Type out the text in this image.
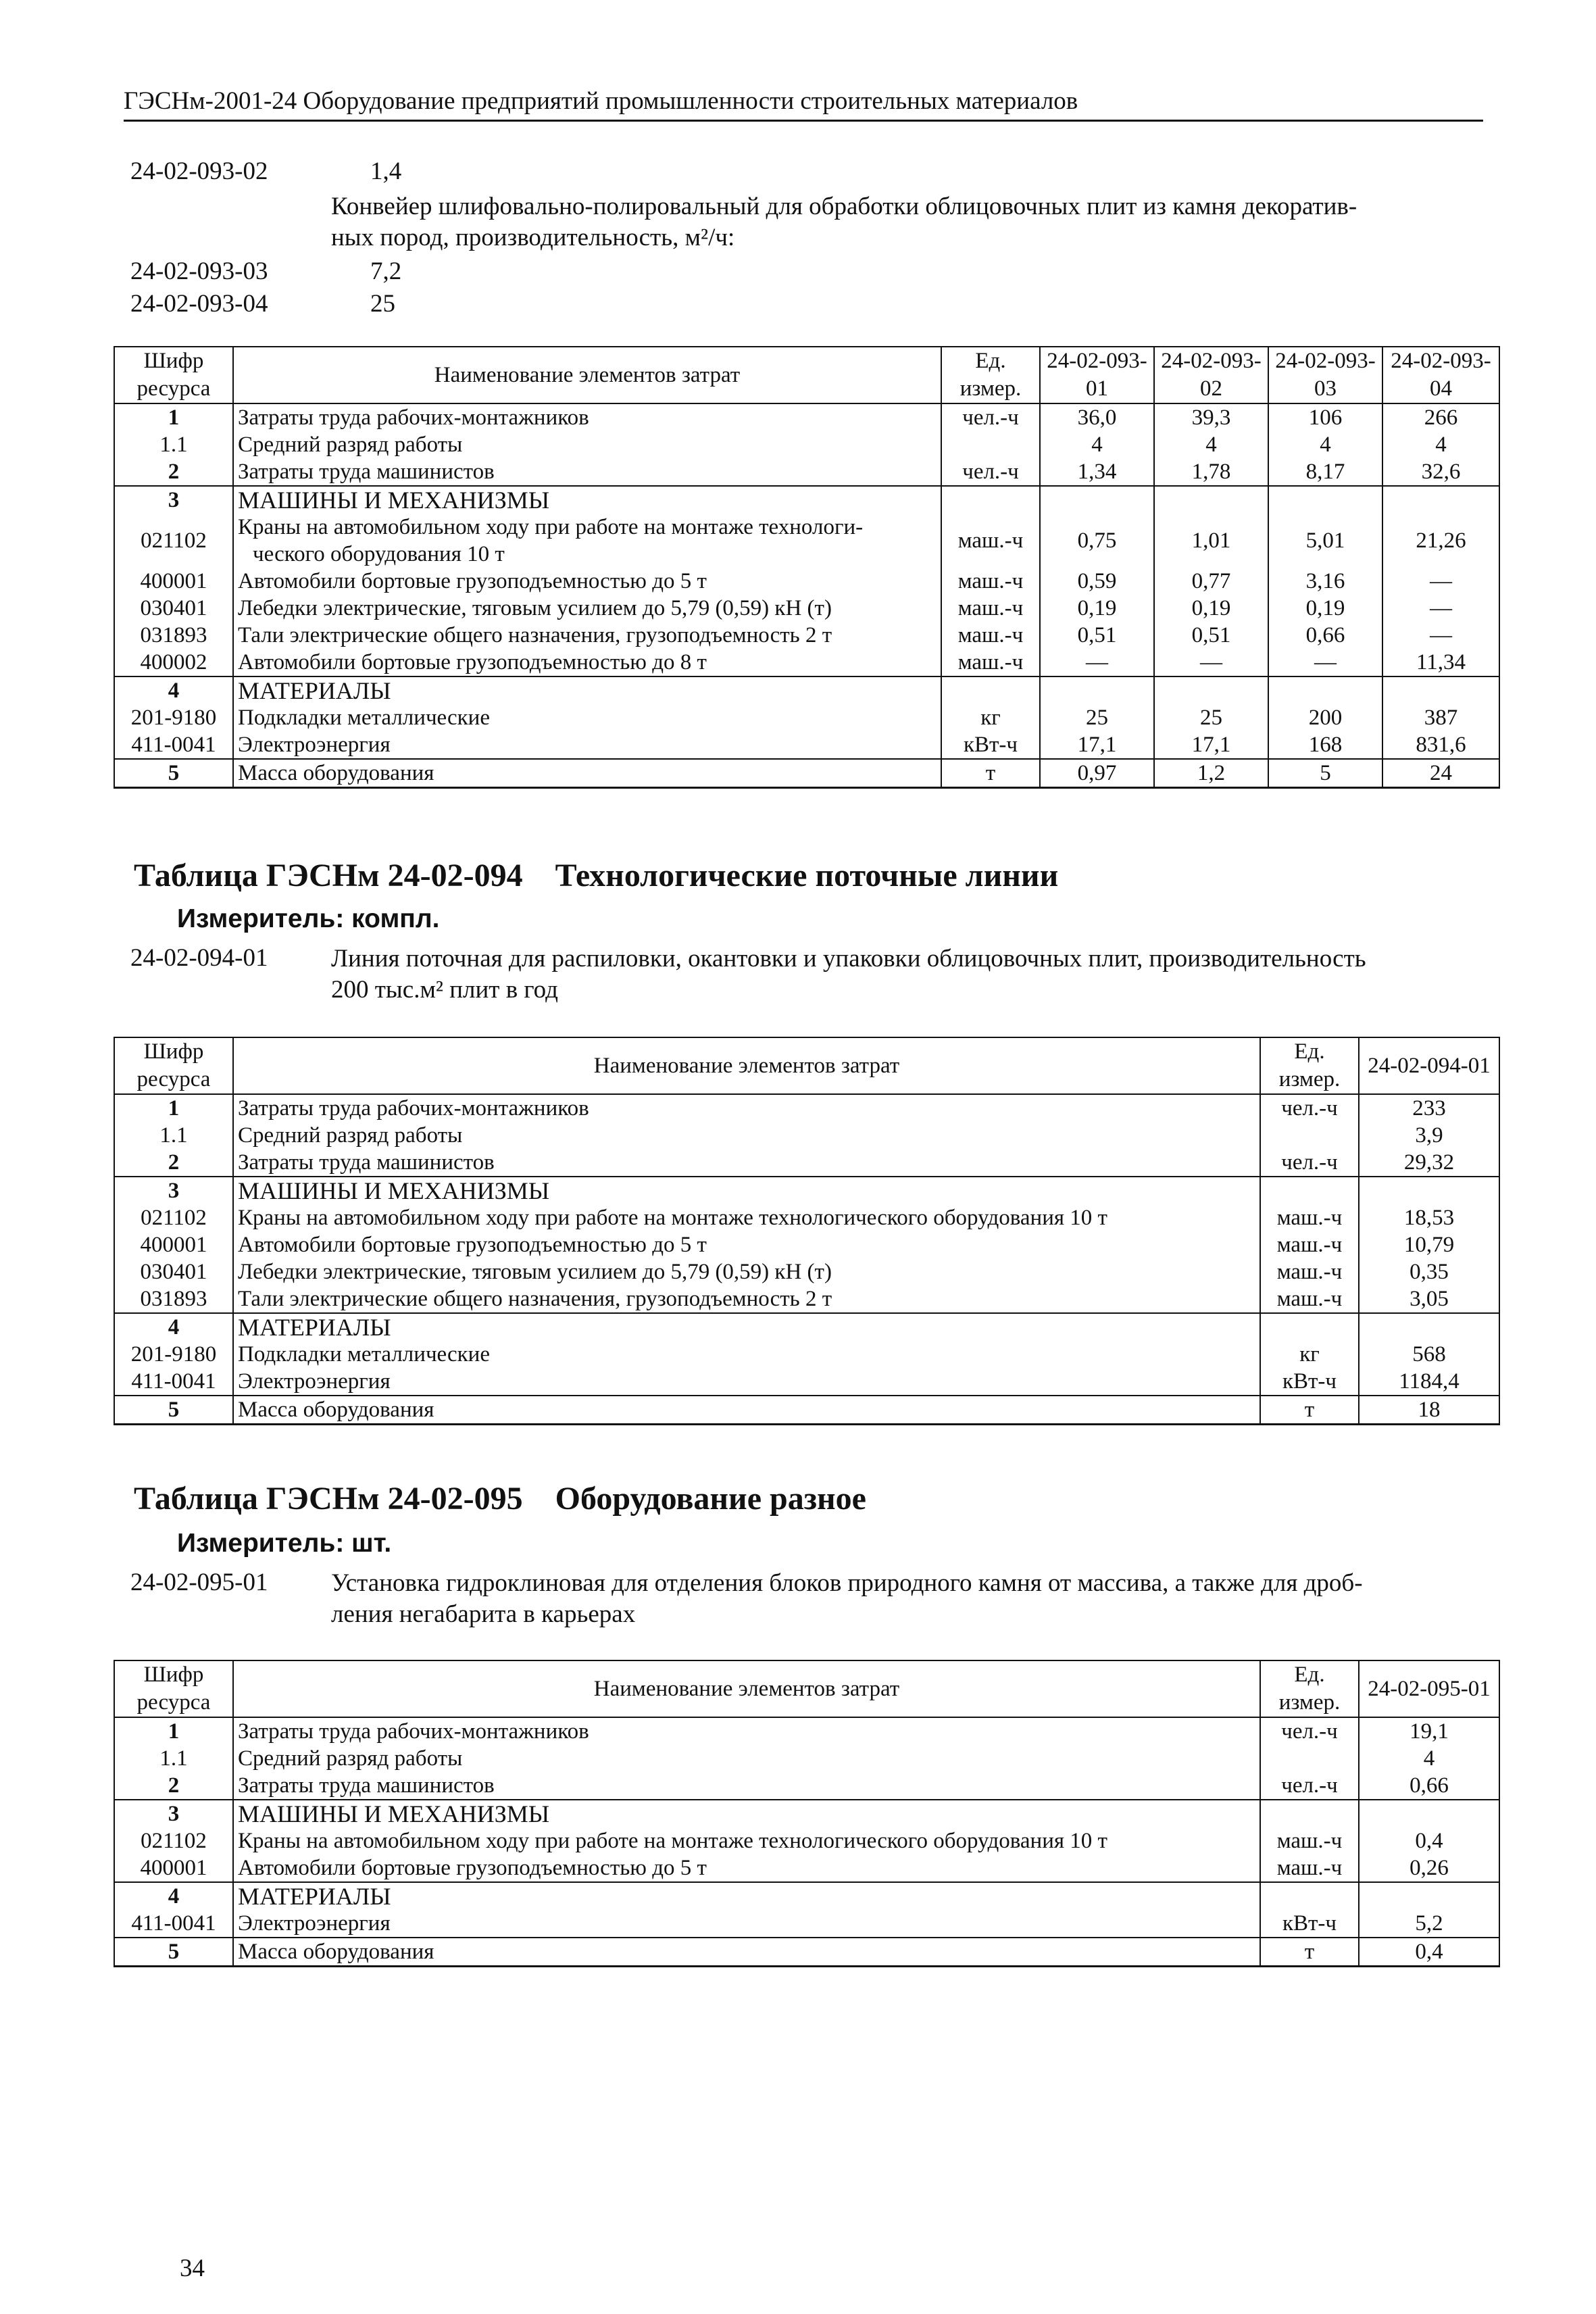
ГЭСНм-2001-24 Оборудование предприятий промышленности строительных материалов
24-02-093-02	1,4
Конвейер шлифовально-полировальный для обработки облицовочных плит из камня декоратив-
ных пород, производительность, м²/ч:
24-02-093-03	7,2
24-02-093-04	25
Шифр ресурса	Наименование элементов затрат	Ед. измер.	24-02-093-01	24-02-093-02	24-02-093-03	24-02-093-04
1	Затраты труда рабочих-монтажников	чел.-ч	36,0	39,3	106	266
1.1	Средний разряд работы		4	4	4	4
2	Затраты труда машинистов	чел.-ч	1,34	1,78	8,17	32,6
3	МАШИНЫ И МЕХАНИЗМЫ					

021102	Краны на автомобильном ходу при работе на монтаже технологи-
ческого оборудования 10 т	маш.-ч	0,75	1,01	5,01	21,26
400001	Автомобили бортовые грузоподъемностью до 5 т	маш.-ч	0,59	0,77	3,16	—
030401	Лебедки электрические, тяговым усилием до 5,79 (0,59) кН (т)	маш.-ч	0,19	0,19	0,19	—
031893	Тали электрические общего назначения, грузоподъемность 2 т	маш.-ч	0,51	0,51	0,66	—
400002	Автомобили бортовые грузоподъемностью до 8 т	маш.-ч	—	—	—	11,34
4	МАТЕРИАЛЫ					

201-9180	Подкладки металлические	кг	25	25	200	387
411-0041	Электроэнергия	кВт-ч	17,1	17,1	168	831,6
5	Масса оборудования	т	0,97	1,2	5	24
Таблица ГЭСНм 24-02-094 Технологические поточные линии
Измеритель: компл.
24-02-094-01	Линия поточная для распиловки, окантовки и упаковки облицовочных плит, производительность
200 тыс.м² плит в год
Шифр ресурса	Наименование элементов затрат	Ед. измер.	24-02-094-01
1	Затраты труда рабочих-монтажников	чел.-ч	233
1.1	Средний разряд работы		3,9
2	Затраты труда машинистов	чел.-ч	29,32
3	МАШИНЫ И МЕХАНИЗМЫ		
021102	Краны на автомобильном ходу при работе на монтаже технологического оборудования 10 т	маш.-ч	18,53
400001	Автомобили бортовые грузоподъемностью до 5 т	маш.-ч	10,79
030401	Лебедки электрические, тяговым усилием до 5,79 (0,59) кН (т)	маш.-ч	0,35
031893	Тали электрические общего назначения, грузоподъемность 2 т	маш.-ч	3,05
4	МАТЕРИАЛЫ		
201-9180	Подкладки металлические	кг	568
411-0041	Электроэнергия	кВт-ч	1184,4
5	Масса оборудования	т	18
Таблица ГЭСНм 24-02-095 Оборудование разное
Измеритель: шт.
24-02-095-01	Установка гидроклиновая для отделения блоков природного камня от массива, а также для дроб-
ления негабарита в карьерах
Шифр ресурса	Наименование элементов затрат	Ед. измер.	24-02-095-01
1	Затраты труда рабочих-монтажников	чел.-ч	19,1
1.1	Средний разряд работы		4
2	Затраты труда машинистов	чел.-ч	0,66
3	МАШИНЫ И МЕХАНИЗМЫ		
021102	Краны на автомобильном ходу при работе на монтаже технологического оборудования 10 т	маш.-ч	0,4
400001	Автомобили бортовые грузоподъемностью до 5 т	маш.-ч	0,26
4	МАТЕРИАЛЫ		
411-0041	Электроэнергия	кВт-ч	5,2
5	Масса оборудования	т	0,4
34
